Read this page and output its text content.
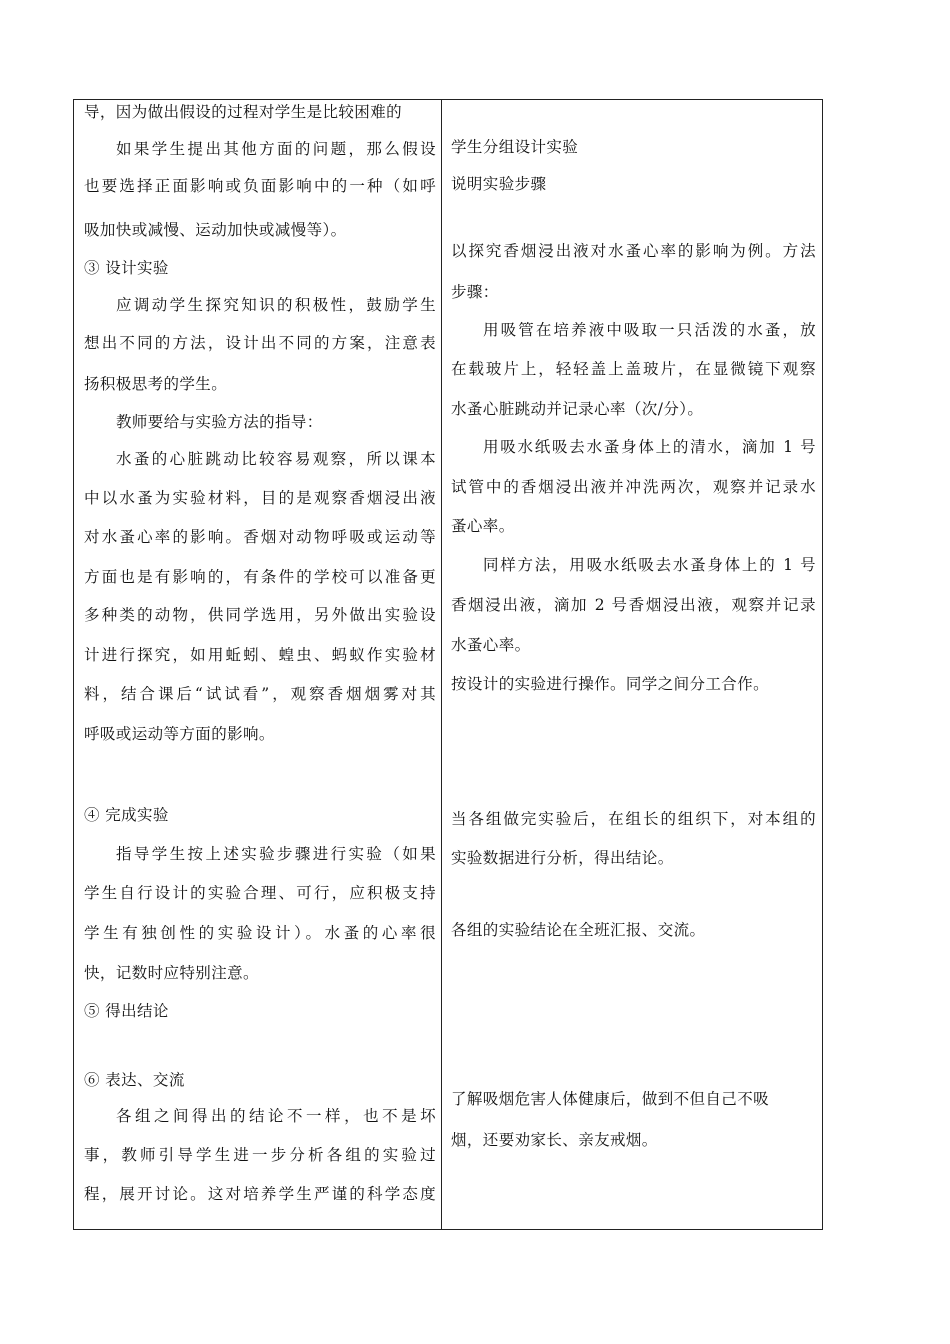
导，因为做出假设的过程对学生是比较困难的
如果学生提出其他方面的问题，那么假设
也要选择正面影响或负面影响中的一种（如呼
吸加快或减慢、运动加快或减慢等）。
③ 设计实验
应调动学生探究知识的积极性，鼓励学生
想出不同的方法，设计出不同的方案，注意表
扬积极思考的学生。
教师要给与实验方法的指导：
水蚤的心脏跳动比较容易观察，所以课本
中以水蚤为实验材料，目的是观察香烟浸出液
对水蚤心率的影响。香烟对动物呼吸或运动等
方面也是有影响的，有条件的学校可以准备更
多种类的动物，供同学选用，另外做出实验设
计进行探究，如用蚯蚓、蝗虫、蚂蚁作实验材
料，结合课后“试试看”，观察香烟烟雾对其
呼吸或运动等方面的影响。
④ 完成实验
指导学生按上述实验步骤进行实验（如果
学生自行设计的实验合理、可行，应积极支持
学生有独创性的实验设计）。水蚤的心率很
快，记数时应特别注意。
⑤ 得出结论
⑥ 表达、交流
各组之间得出的结论不一样，也不是坏
事，教师引导学生进一步分析各组的实验过
程，展开讨论。这对培养学生严谨的科学态度
学生分组设计实验
说明实验步骤
以探究香烟浸出液对水蚤心率的影响为例。方法
步骤：
用吸管在培养液中吸取一只活泼的水蚤，放
在载玻片上，轻轻盖上盖玻片，在显微镜下观察
水蚤心脏跳动并记录心率（次/分）。
用吸水纸吸去水蚤身体上的清水，滴加 1 号
试管中的香烟浸出液并冲洗两次，观察并记录水
蚤心率。
同样方法，用吸水纸吸去水蚤身体上的 1 号
香烟浸出液，滴加 2 号香烟浸出液，观察并记录
水蚤心率。
按设计的实验进行操作。同学之间分工合作。
当各组做完实验后，在组长的组织下，对本组的
实验数据进行分析，得出结论。
各组的实验结论在全班汇报、交流。
了解吸烟危害人体健康后，做到不但自己不吸
烟，还要劝家长、亲友戒烟。
